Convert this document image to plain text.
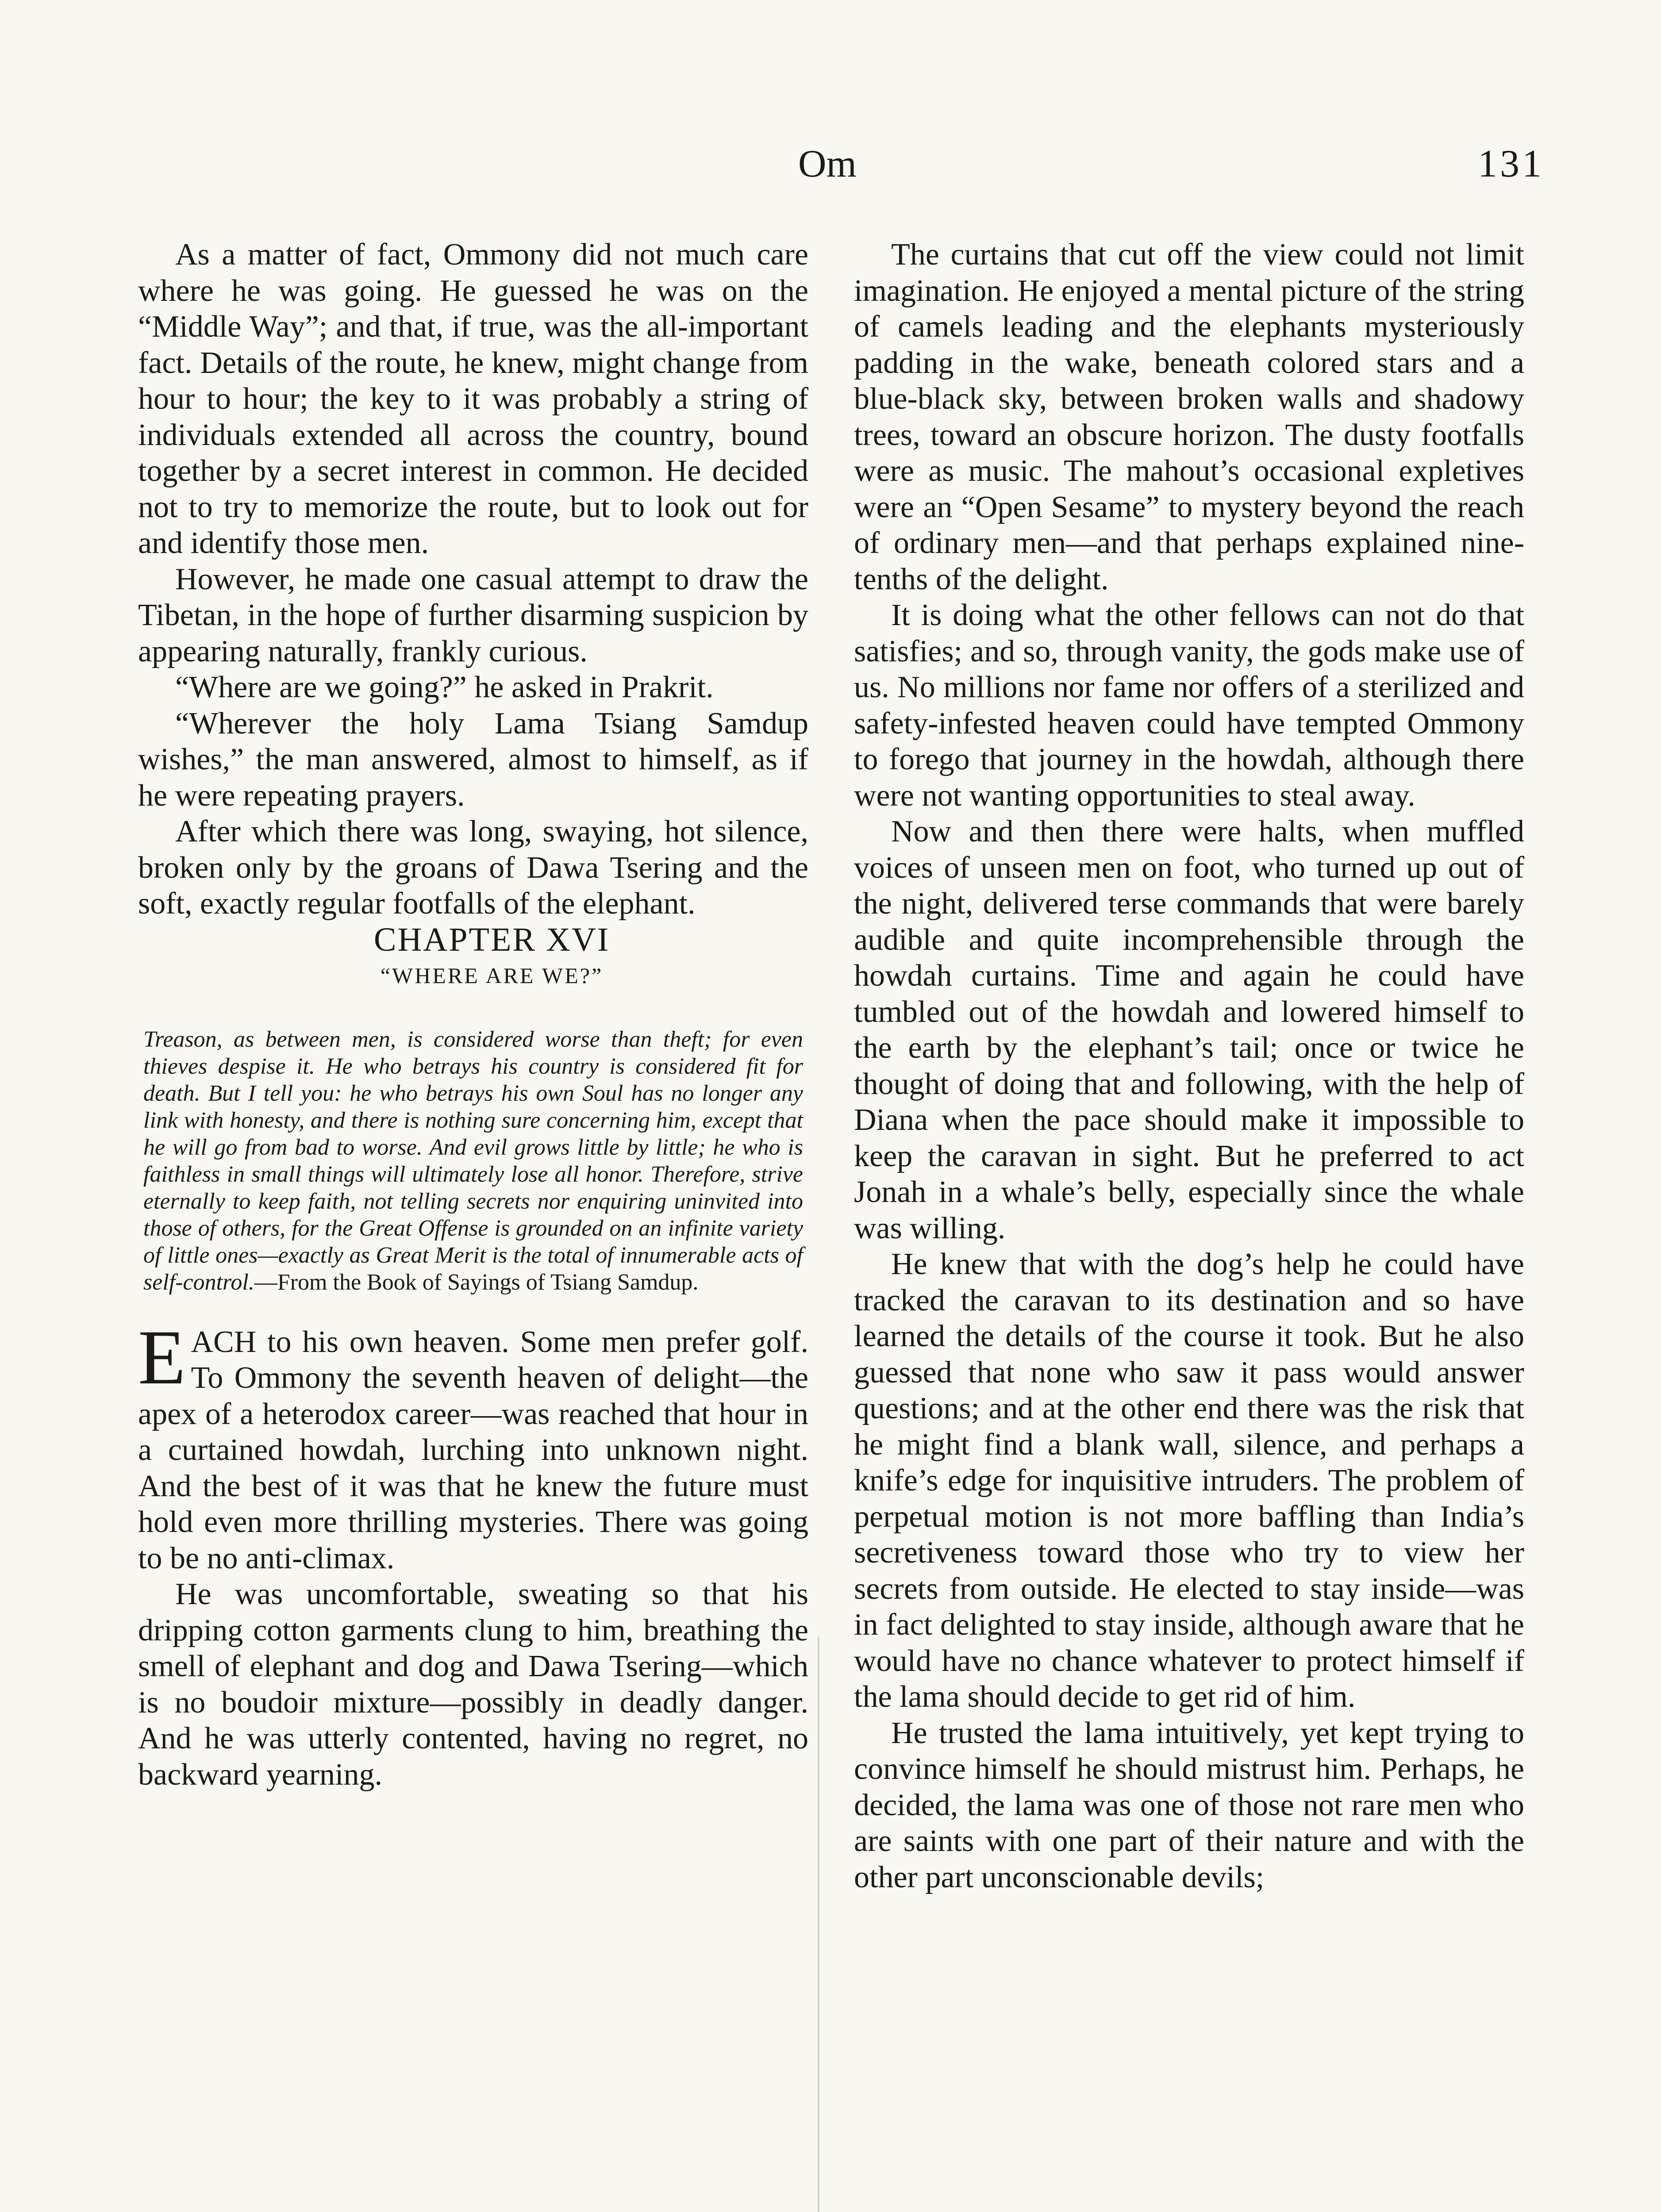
Om	131

As a matter of fact, Ommony did not much care where he was going. He guessed he was on the “Middle Way”; and that, if true, was the all-important fact. Details of the route, he knew, might change from hour to hour; the key to it was probably a string of individuals extended all across the country, bound together by a secret interest in common. He decided not to try to memorize the route, but to look out for and identify those men.

However, he made one casual attempt to draw the Tibetan, in the hope of further disarming suspicion by appearing naturally, frankly curious.

“Where are we going?” he asked in Prakrit.

“Wherever the holy Lama Tsiang Samdup wishes,” the man answered, almost to himself, as if he were repeating prayers.

After which there was long, swaying, hot silence, broken only by the groans of Dawa Tsering and the soft, exactly regular footfalls of the elephant.

CHAPTER XVI

“WHERE ARE WE?”

Treason, as between men, is considered worse than theft; for even thieves despise it. He who betrays his country is considered fit for death. But I tell you: he who betrays his own Soul has no longer any link with honesty, and there is nothing sure concerning him, except that he will go from bad to worse. And evil grows little by little; he who is faithless in small things will ultimately lose all honor. Therefore, strive eternally to keep faith, not telling secrets nor enquiring uninvited into those of others, for the Great Offense is grounded on an infinite variety of little ones—exactly as Great Merit is the total of innumerable acts of self-control.—From the Book of Sayings of Tsiang Samdup.

EACH to his own heaven. Some men prefer golf. To Ommony the seventh heaven of delight—the apex of a heterodox career—was reached that hour in a curtained howdah, lurching into unknown night. And the best of it was that he knew the future must hold even more thrilling mysteries. There was going to be no anti-climax.

He was uncomfortable, sweating so that his dripping cotton garments clung to him, breathing the smell of elephant and dog and Dawa Tsering—which is no boudoir mixture—possibly in deadly danger. And he was utterly contented, having no regret, no backward yearning.

The curtains that cut off the view could not limit imagination. He enjoyed a mental picture of the string of camels leading and the elephants mysteriously padding in the wake, beneath colored stars and a blue-black sky, between broken walls and shadowy trees, toward an obscure horizon. The dusty footfalls were as music. The mahout’s occasional expletives were an “Open Sesame” to mystery beyond the reach of ordinary men—and that perhaps explained nine-tenths of the delight.

It is doing what the other fellows can not do that satisfies; and so, through vanity, the gods make use of us. No millions nor fame nor offers of a sterilized and safety-infested heaven could have tempted Ommony to forego that journey in the howdah, although there were not wanting opportunities to steal away.

Now and then there were halts, when muffled voices of unseen men on foot, who turned up out of the night, delivered terse commands that were barely audible and quite incomprehensible through the howdah curtains. Time and again he could have tumbled out of the howdah and lowered himself to the earth by the elephant’s tail; once or twice he thought of doing that and following, with the help of Diana when the pace should make it impossible to keep the caravan in sight. But he preferred to act Jonah in a whale’s belly, especially since the whale was willing.

He knew that with the dog’s help he could have tracked the caravan to its destination and so have learned the details of the course it took. But he also guessed that none who saw it pass would answer questions; and at the other end there was the risk that he might find a blank wall, silence, and perhaps a knife’s edge for inquisitive intruders. The problem of perpetual motion is not more baffling than India’s secretiveness toward those who try to view her secrets from outside. He elected to stay inside—was in fact delighted to stay inside, although aware that he would have no chance whatever to protect himself if the lama should decide to get rid of him.

He trusted the lama intuitively, yet kept trying to convince himself he should mistrust him. Perhaps, he decided, the lama was one of those not rare men who are saints with one part of their nature and with the other part unconscionable devils;
